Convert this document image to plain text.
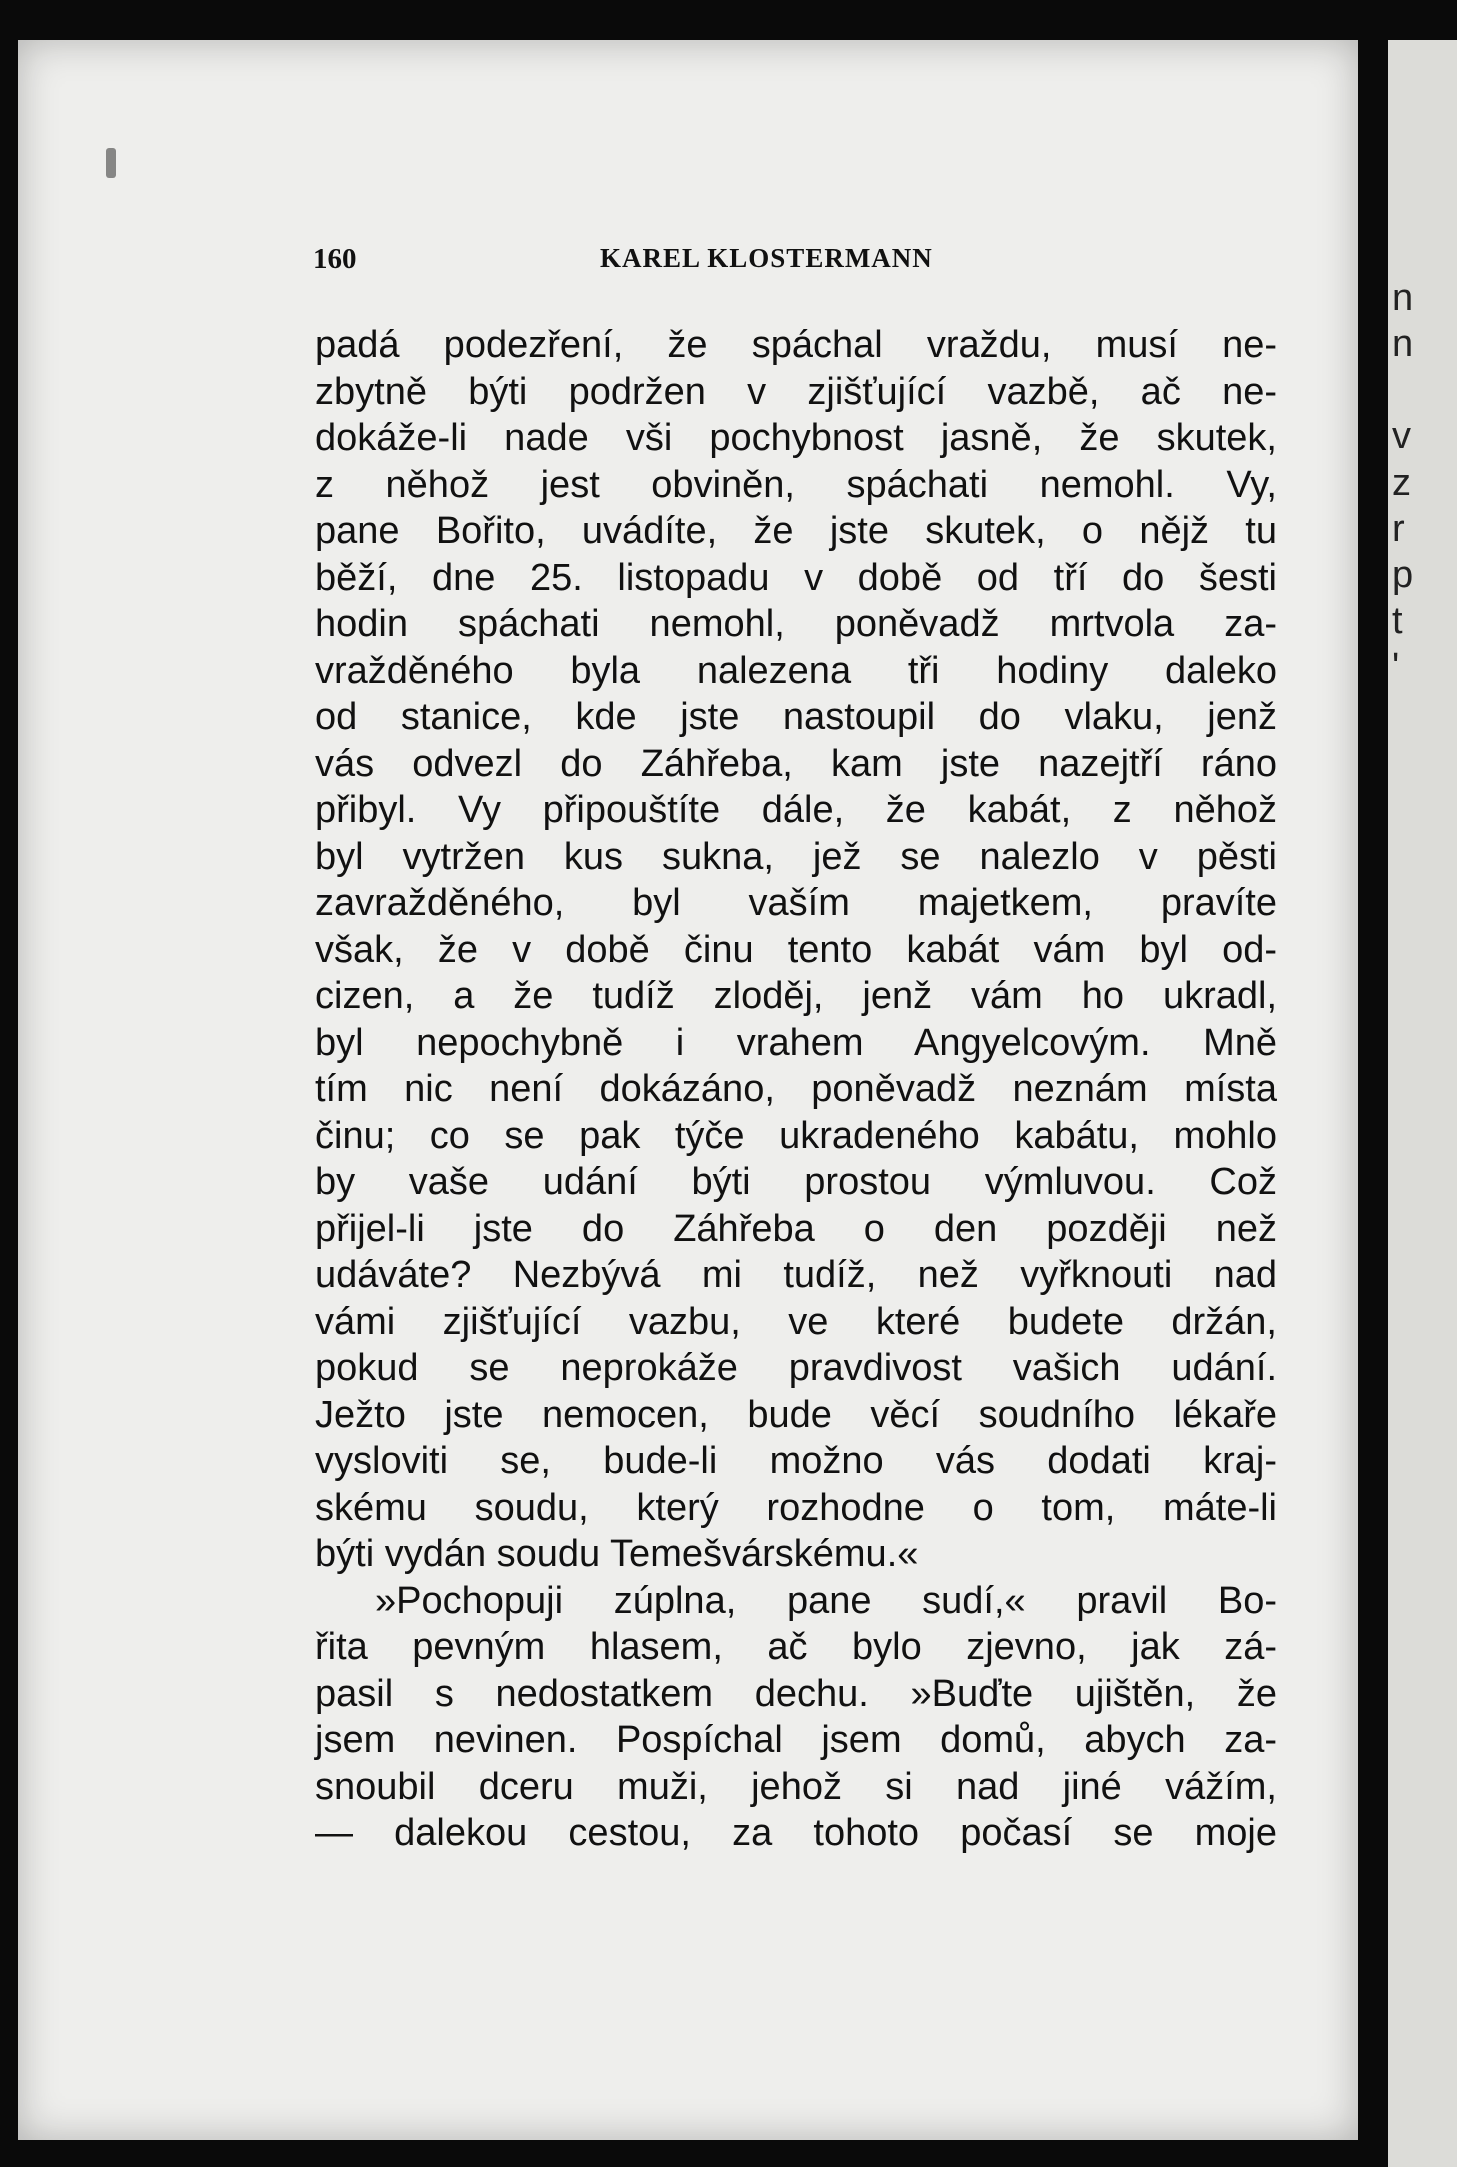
160	KAREL KLOSTERMANN
padá podezření, že spáchal vraždu, musí ne-
zbytně býti podržen v zjišťující vazbě, ač ne-
dokáže-li nade vši pochybnost jasně, že skutek,
z něhož jest obviněn, spáchati nemohl. Vy,
pane Bořito, uvádíte, že jste skutek, o nějž tu
běží, dne 25. listopadu v době od tří do šesti
hodin spáchati nemohl, poněvadž mrtvola za-
vražděného byla nalezena tři hodiny daleko
od stanice, kde jste nastoupil do vlaku, jenž
vás odvezl do Záhřeba, kam jste nazejtří ráno
přibyl. Vy připouštíte dále, že kabát, z něhož
byl vytržen kus sukna, jež se nalezlo v pěsti
zavražděného, byl vaším majetkem, pravíte
však, že v době činu tento kabát vám byl od-
cizen, a že tudíž zloděj, jenž vám ho ukradl,
byl nepochybně i vrahem Angyelcovým. Mně
tím nic není dokázáno, poněvadž neznám místa
činu; co se pak týče ukradeného kabátu, mohlo
by vaše udání býti prostou výmluvou. Což
přijel-li jste do Záhřeba o den později než
udáváte? Nezbývá mi tudíž, než vyřknouti nad
vámi zjišťující vazbu, ve které budete držán,
pokud se neprokáže pravdivost vašich udání.
Ježto jste nemocen, bude věcí soudního lékaře
vysloviti se, bude-li možno vás dodati kraj-
skému soudu, který rozhodne o tom, máte-li
býti vydán soudu Temešvárskému.«
»Pochopuji zúplna, pane sudí,« pravil Bo-
řita pevným hlasem, ač bylo zjevno, jak zá-
pasil s nedostatkem dechu. »Buďte ujištěn, že
jsem nevinen. Pospíchal jsem domů, abych za-
snoubil dceru muži, jehož si nad jiné vážím,
— dalekou cestou, za tohoto počasí se moje
n
n
v
z
r
p
t
'
